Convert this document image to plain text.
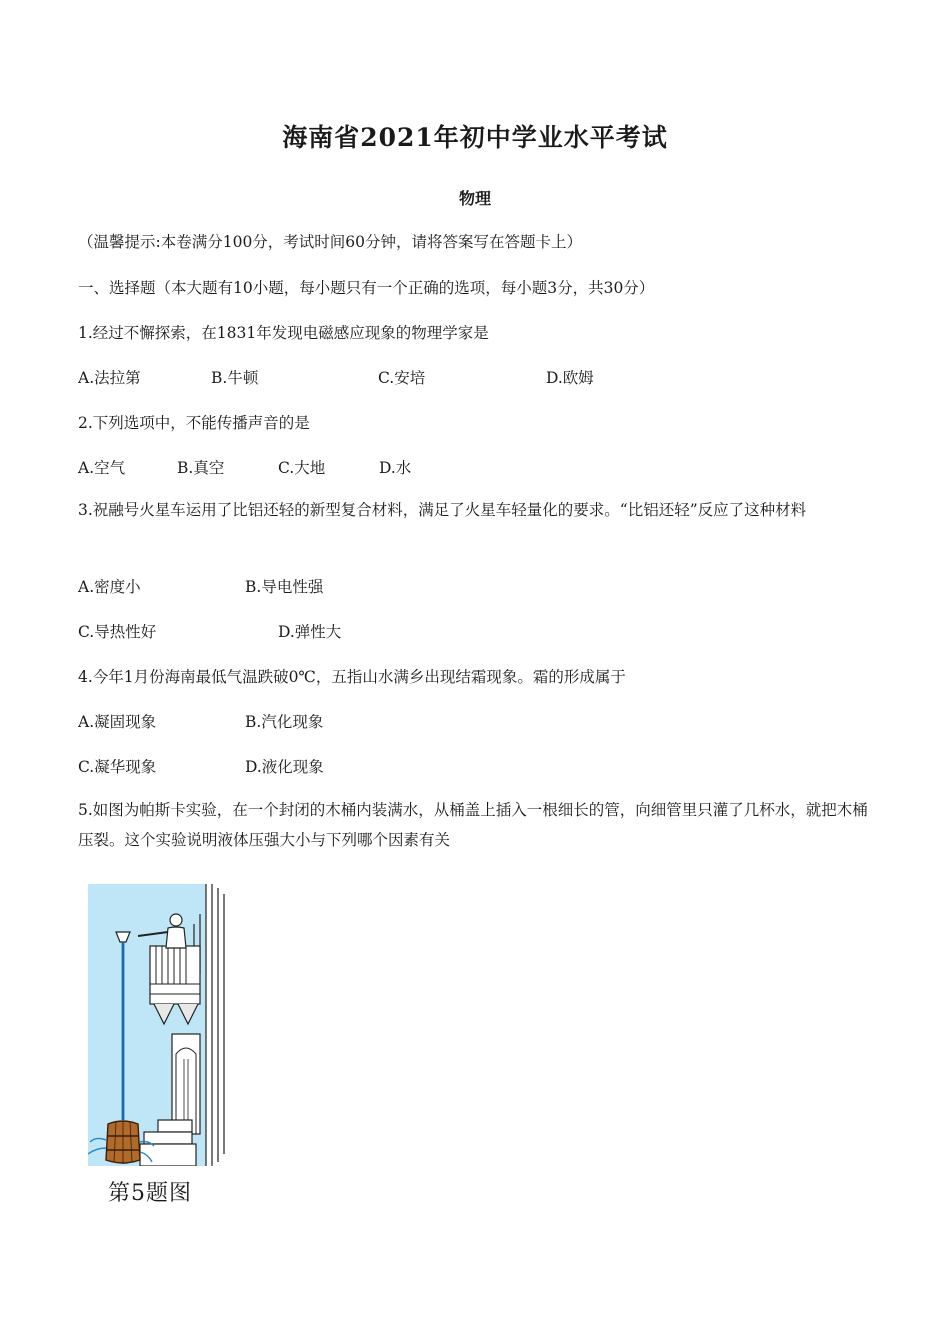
海南省2021年初中学业水平考试
物理
（温馨提示:本卷满分100分，考试时间60分钟，请将答案写在答题卡上）
一、选择题（本大题有10小题，每小题只有一个正确的选项，每小题3分，共30分）
1.经过不懈探索，在1831年发现电磁感应现象的物理学家是
A.法拉第	B.牛顿	C.安培	D.欧姆
2.下列选项中，不能传播声音的是
A.空气	B.真空	C.大地	D.水
3.祝融号火星车运用了比铝还轻的新型复合材料，满足了火星车轻量化的要求。“比铝还轻”反应了这种材料
A.密度小	B.导电性强
C.导热性好	D.弹性大
4.今年1月份海南最低气温跌破0℃，五指山水满乡出现结霜现象。霜的形成属于
A.凝固现象	B.汽化现象
C.凝华现象	D.液化现象
5.如图为帕斯卡实验，在一个封闭的木桶内装满水，从桶盖上插入一根细长的管，向细管里只灌了几杯水，就把木桶压裂。这个实验说明液体压强大小与下列哪个因素有关
第5题图
